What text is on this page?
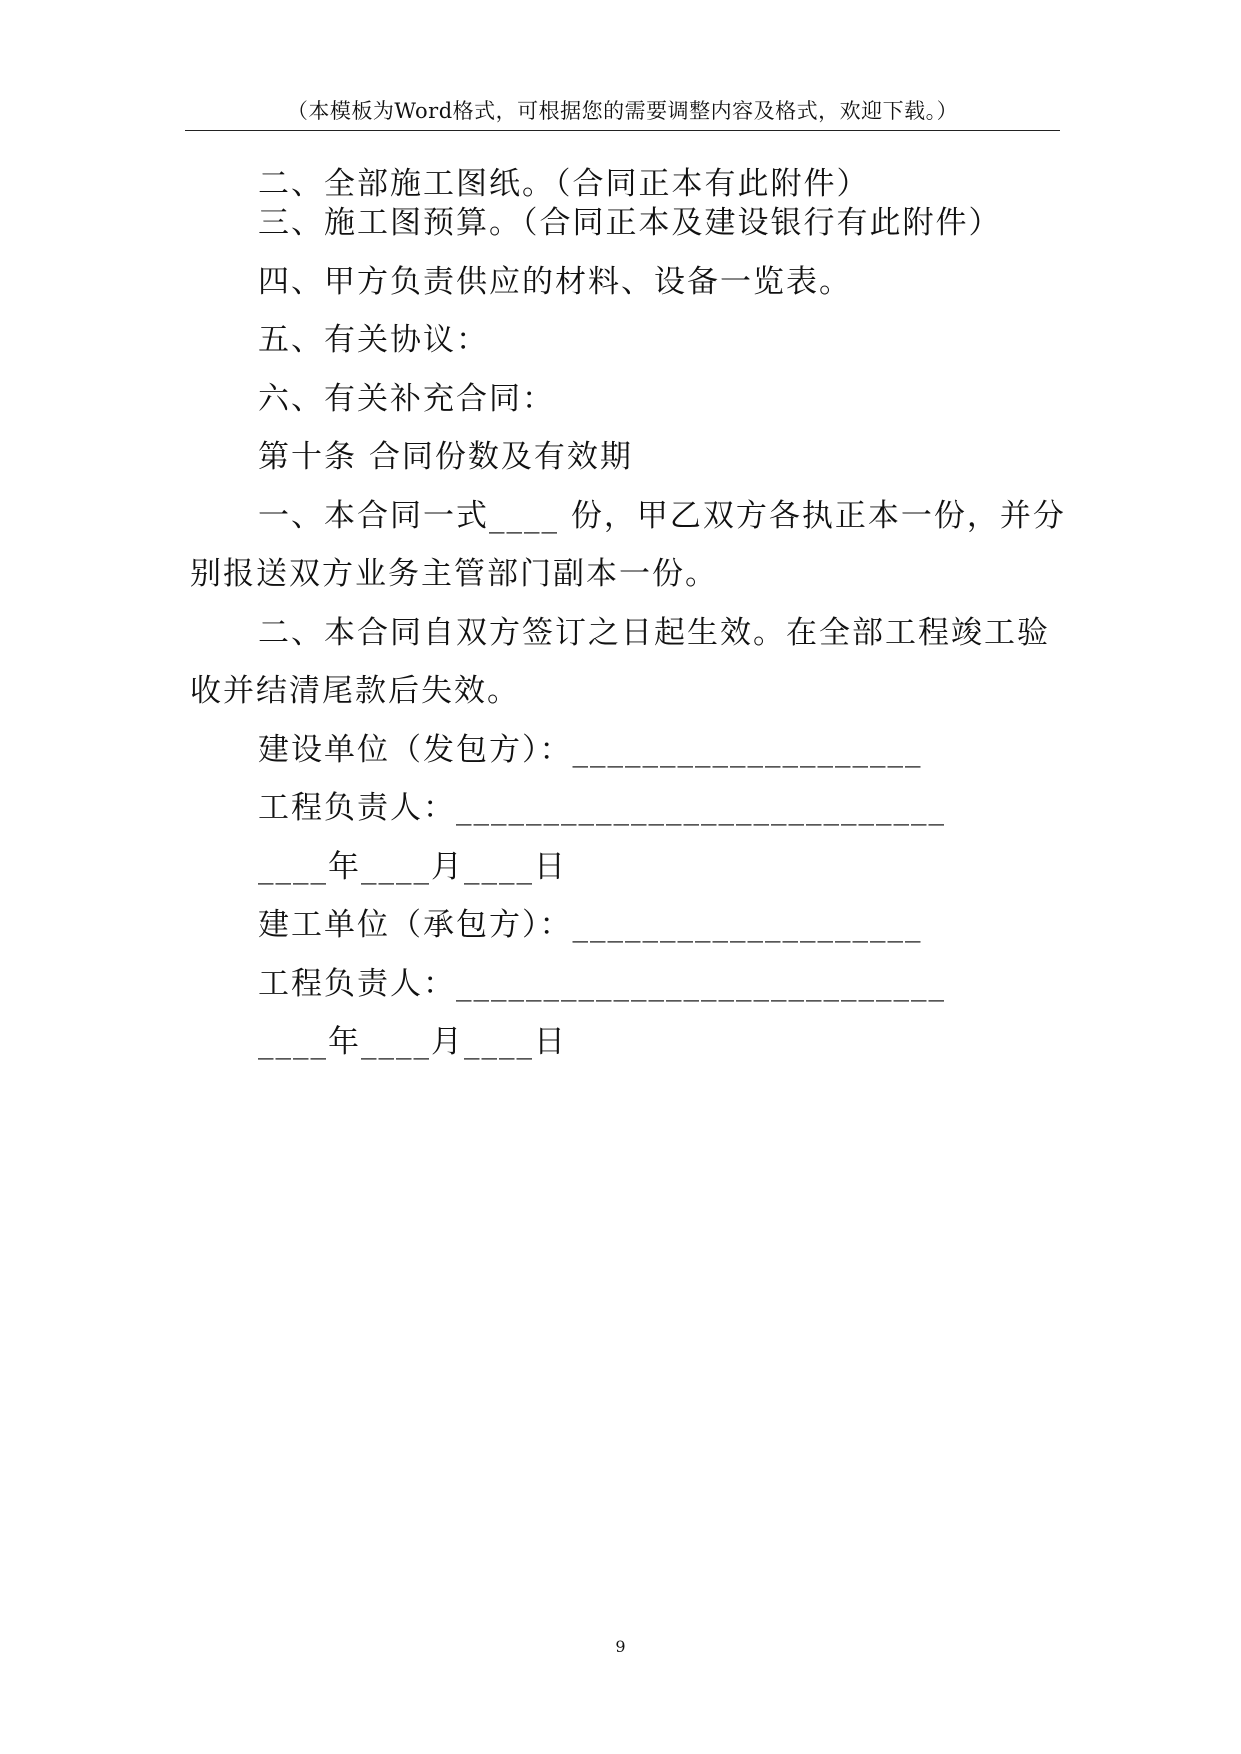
（本模板为Word格式，可根据您的需要调整内容及格式，欢迎下载。）
二、全部施工图纸。（合同正本有此附件）
三、施工图预算。（合同正本及建设银行有此附件）
四、甲方负责供应的材料、设备一览表。
五、有关协议：
六、有关补充合同：
第十条 合同份数及有效期
一、本合同一式____ 份，甲乙双方各执正本一份，并分
别报送双方业务主管部门副本一份。
二、本合同自双方签订之日起生效。在全部工程竣工验
收并结清尾款后失效。
建设单位（发包方）：____________________
工程负责人：____________________________
____年____月____日
建工单位（承包方）：____________________
工程负责人：____________________________
____年____月____日
9
